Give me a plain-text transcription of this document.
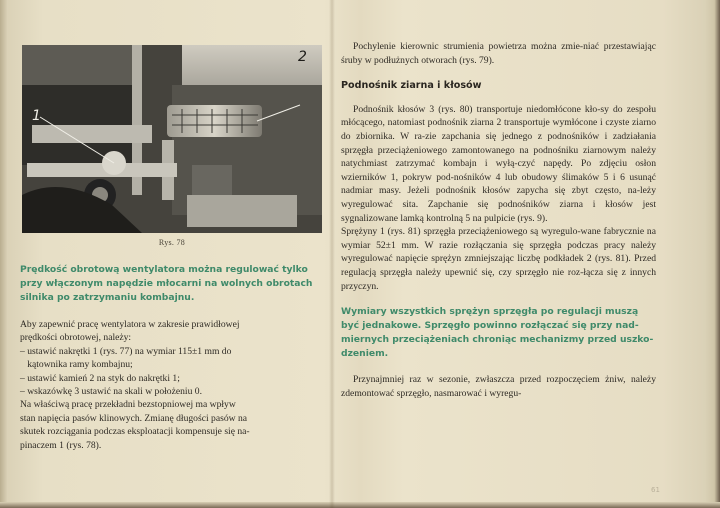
1
2
Rys. 78
Prędkość obrotową wentylatora można regulować tylko przy włączonym napędzie młocarni na wolnych obrotach silnika po zatrzymaniu kombajnu.

Aby zapewnić pracę wentylatora w zakresie prawidłowej

prędkości obrotowej, należy:

– ustawić nakrętki 1 (rys. 77) na wymiar 115±1 mm do

kątownika ramy kombajnu;

– ustawić kamień 2 na styk do nakrętki 1;

– wskazówkę 3 ustawić na skali w położeniu 0.

Na właściwą pracę przekładni bezstopniowej ma wpływ

stan napięcia pasów klinowych. Zmianę długości pasów na

skutek rozciągania podczas eksploatacji kompensuje się na-

pinaczem 1 (rys. 78).

Pochylenie kierownic strumienia powietrza można zmie-niać przestawiając śruby w podłużnych otworach (rys. 79).

Podnośnik ziarna i kłosów

Podnośnik kłosów 3 (rys. 80) transportuje niedomłócone kło-sy do zespołu młócącego, natomiast podnośnik ziarna 2 transportuje wymłócone i czyste ziarno do zbiornika. W ra-zie zapchania się jednego z podnośników i zadziałania sprzęgła przeciążeniowego zamontowanego na podnośniku ziarnowym należy natychmiast zatrzymać kombajn i wyłą-czyć napędy. Po zdjęciu osłon wzierników 1, pokryw pod-nośników 4 lub obudowy ślimaków 5 i 6 usunąć nadmiar masy. Jeżeli podnośnik kłosów zapycha się zbyt często, na-leży wyregulować sita. Zapchanie się podnośników ziarna i kłosów jest sygnalizowane lamką kontrolną 5 na pulpicie (rys. 9).

Sprężyny 1 (rys. 81) sprzęgła przeciążeniowego są wyregulo-wane fabrycznie na wymiar 52±1 mm. W razie rozłączania się sprzęgła podczas pracy należy wyregulować napięcie sprężyn zmniejszając liczbę podkładek 2 (rys. 81). Przed regulacją sprzęgła należy upewnić się, czy sprzęgło nie roz-łącza się z innych przyczyn.

Wymiary wszystkich sprężyn sprzęgła po regulacji muszą być jednakowe. Sprzęgło powinno rozłączać się przy nad-miernych przeciążeniach chroniąc mechanizmy przed uszko-dzeniem.

Przynajmniej raz w sezonie, zwłaszcza przed rozpoczęciem żniw, należy zdemontować sprzęgło, nasmarować i wyregu-

61
